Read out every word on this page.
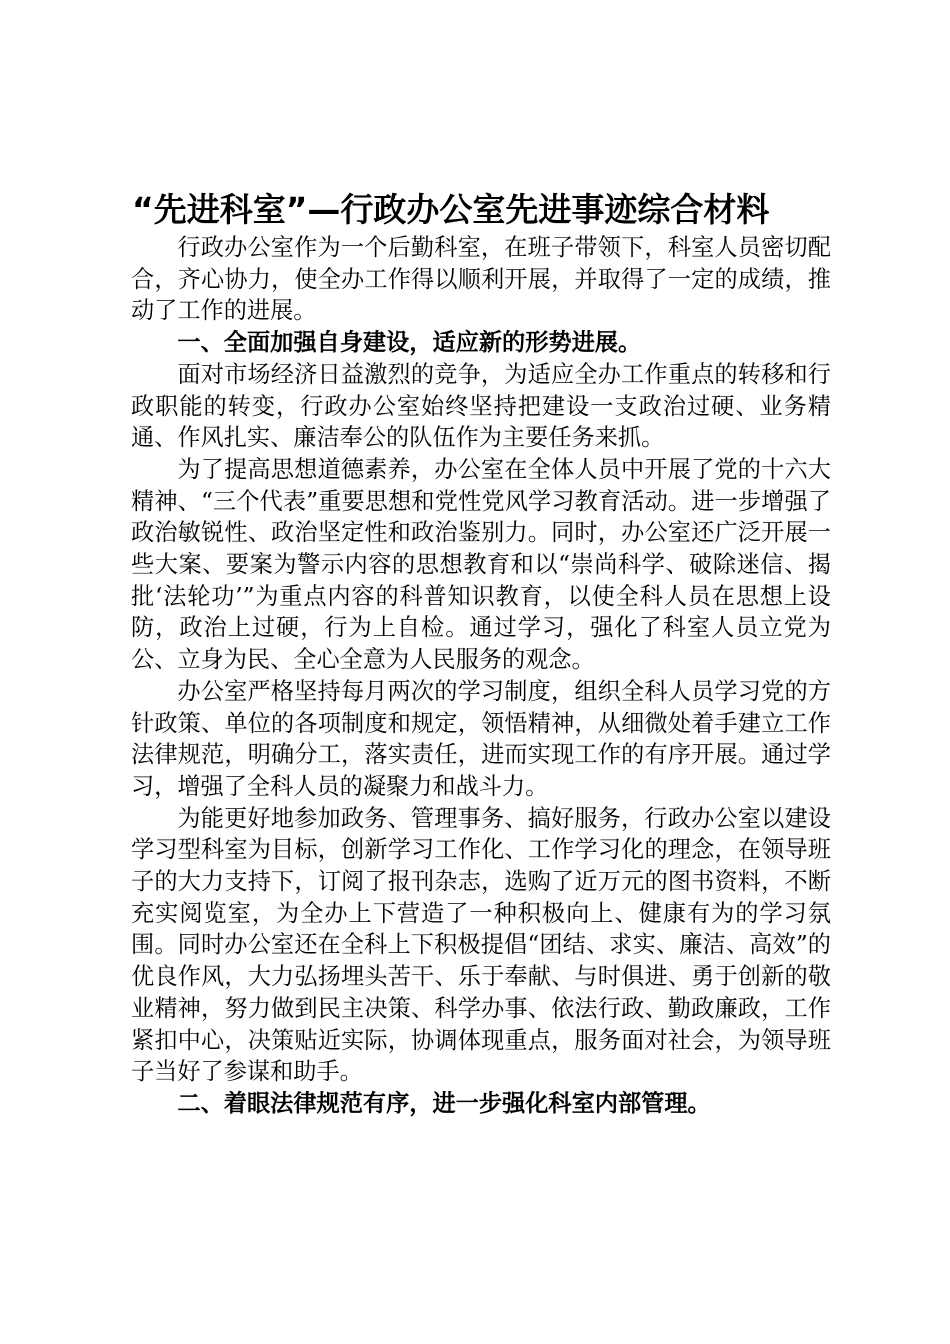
“先进科室”—行政办公室先进事迹综合材料

行政办公室作为一个后勤科室，在班子带领下，科室人员密切配合，齐心协力，使全办工作得以顺利开展，并取得了一定的成绩，推动了工作的进展。

一、全面加强自身建设，适应新的形势进展。

面对市场经济日益激烈的竞争，为适应全办工作重点的转移和行政职能的转变，行政办公室始终坚持把建设一支政治过硬、业务精通、作风扎实、廉洁奉公的队伍作为主要任务来抓。

为了提高思想道德素养，办公室在全体人员中开展了党的十六大精神、“三个代表”重要思想和党性党风学习教育活动。进一步增强了政治敏锐性、政治坚定性和政治鉴别力。同时，办公室还广泛开展一些大案、要案为警示内容的思想教育和以“崇尚科学、破除迷信、揭批‘法轮功’”为重点内容的科普知识教育，以使全科人员在思想上设防，政治上过硬，行为上自检。通过学习，强化了科室人员立党为公、立身为民、全心全意为人民服务的观念。

办公室严格坚持每月两次的学习制度，组织全科人员学习党的方针政策、单位的各项制度和规定，领悟精神，从细微处着手建立工作法律规范，明确分工，落实责任，进而实现工作的有序开展。通过学习，增强了全科人员的凝聚力和战斗力。

为能更好地参加政务、管理事务、搞好服务，行政办公室以建设学习型科室为目标，创新学习工作化、工作学习化的理念，在领导班子的大力支持下，订阅了报刊杂志，选购了近万元的图书资料，不断充实阅览室，为全办上下营造了一种积极向上、健康有为的学习氛围。同时办公室还在全科上下积极提倡“团结、求实、廉洁、高效”的优良作风，大力弘扬埋头苦干、乐于奉献、与时俱进、勇于创新的敬业精神，努力做到民主决策、科学办事、依法行政、勤政廉政，工作紧扣中心，决策贴近实际，协调体现重点，服务面对社会，为领导班子当好了参谋和助手。

二、着眼法律规范有序，进一步强化科室内部管理。
